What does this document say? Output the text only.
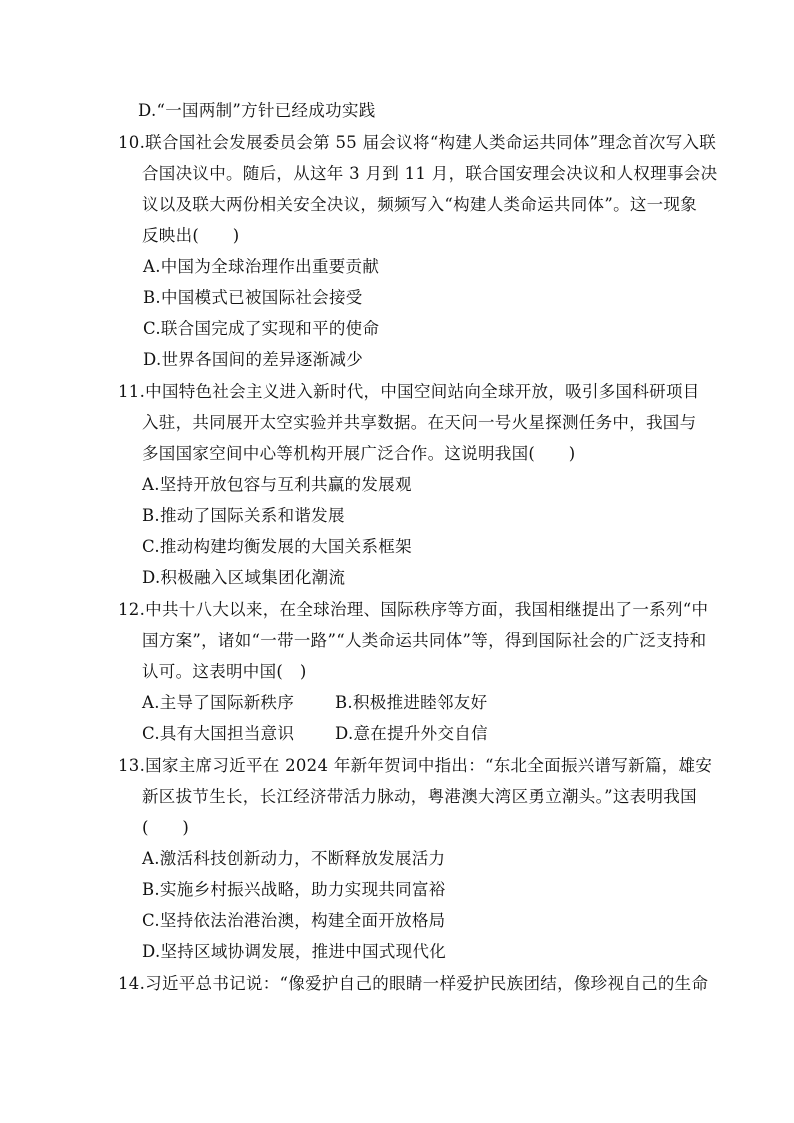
D.“一国两制”方针已经成功实践
10.联合国社会发展委员会第 55 届会议将“构建人类命运共同体”理念首次写入联
合国决议中。随后，从这年 3 月到 11 月，联合国安理会决议和人权理事会决
议以及联大两份相关安全决议，频频写入“构建人类命运共同体”。这一现象
反映出(　　)
A.中国为全球治理作出重要贡献
B.中国模式已被国际社会接受
C.联合国完成了实现和平的使命
D.世界各国间的差异逐渐减少
11.中国特色社会主义进入新时代，中国空间站向全球开放，吸引多国科研项目
入驻，共同展开太空实验并共享数据。在天问一号火星探测任务中，我国与
多国国家空间中心等机构开展广泛合作。这说明我国(　　)
A.坚持开放包容与互利共赢的发展观
B.推动了国际关系和谐发展
C.推动构建均衡发展的大国关系框架
D.积极融入区域集团化潮流
12.中共十八大以来，在全球治理、国际秩序等方面，我国相继提出了一系列“中
国方案”，诸如“一带一路”“人类命运共同体”等，得到国际社会的广泛支持和
认可。这表明中国(　)
A.主导了国际新秩序 B.积极推进睦邻友好
C.具有大国担当意识 D.意在提升外交自信
13.国家主席习近平在 2024 年新年贺词中指出：“东北全面振兴谱写新篇，雄安
新区拔节生长，长江经济带活力脉动，粤港澳大湾区勇立潮头。”这表明我国
(　　)
A.激活科技创新动力，不断释放发展活力
B.实施乡村振兴战略，助力实现共同富裕
C.坚持依法治港治澳，构建全面开放格局
D.坚持区域协调发展，推进中国式现代化
14.习近平总书记说：“像爱护自己的眼睛一样爱护民族团结，像珍视自己的生命
